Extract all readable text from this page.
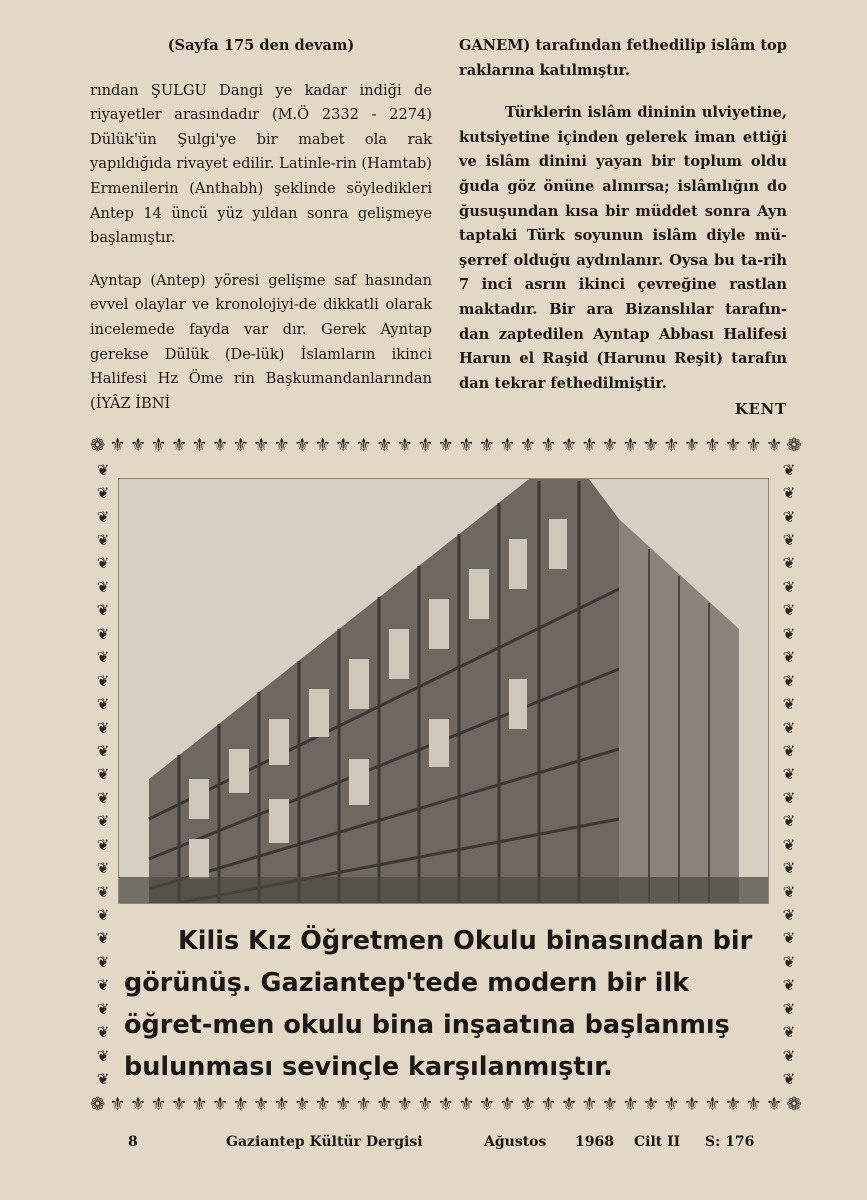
(Sayfa 175 den devam)

rından ŞULGU Dangi ye kadar indiği de riyayetler arasındadır (M.Ö 2332 - 2274) Dülük'ün Şulgi'ye bir mabet ola rak yapıldığıda rivayet edilir. Latinle-rin (Hamtab) Ermenilerin (Anthabh) şeklinde söyledikleri Antep 14 üncü yüz yıldan sonra gelişmeye başlamıştır.

Ayntap (Antep) yöresi gelişme saf hasından evvel olaylar ve kronolojiyi-de dikkatli olarak incelemede fayda var dır. Gerek Ayntap gerekse Dülük (De-lük) İslamların ikinci Halifesi Hz Öme rin Başkumandanlarından (İYÂZ İBNİ

GANEM) tarafından fethedilip islâm top raklarına katılmıştır.

Türklerin islâm dininin ulviyetine, kutsiyetine içinden gelerek iman ettiği ve islâm dinini yayan bir toplum oldu ğuda göz önüne alınırsa; islâmlığın do ğusuşundan kısa bir müddet sonra Ayn taptaki Türk soyunun islâm diyle mü-şerref olduğu aydınlanır. Oysa bu ta-rih 7 inci asrın ikinci çevreğine rastlan maktadır. Bir ara Bizanslılar tarafın-dan zaptedilen Ayntap Abbası Halifesi Harun el Raşid (Harunu Reşit) tarafın dan tekrar fethedilmiştir.

KENT

❁ ⚜ ⚜ ⚜ ⚜ ⚜ ⚜ ⚜ ⚜ ⚜ ⚜ ⚜ ⚜ ⚜ ⚜ ⚜ ⚜ ⚜ ⚜ ⚜ ⚜ ⚜ ⚜ ⚜ ⚜ ⚜ ⚜ ⚜ ⚜ ⚜ ⚜ ⚜ ⚜ ⚜ ❁
❦
❦
❦
❦
❦
❦
❦
❦
❦
❦
❦
❦
❦
❦
❦
❦
❦
❦
❦
❦
❦
❦
❦
❦
❦
❦
❦
❦
❦
❦
❦
❦
❦
❦
❦
❦
❦
❦
❦
❦
❦
❦
❦
❦
❦
❦
❦
❦
❦
❦
❦
❦
❦
❦
Kilis Kız Öğretmen Okulu binasından bir görünüş. Gaziantep'tede modern bir ilk öğret-men okulu bina inşaatına başlanmış bulunması sevinçle karşılanmıştır.
❁ ⚜ ⚜ ⚜ ⚜ ⚜ ⚜ ⚜ ⚜ ⚜ ⚜ ⚜ ⚜ ⚜ ⚜ ⚜ ⚜ ⚜ ⚜ ⚜ ⚜ ⚜ ⚜ ⚜ ⚜ ⚜ ⚜ ⚜ ⚜ ⚜ ⚜ ⚜ ⚜ ⚜ ❁
8	Gaziantep Kültür Dergisi	Ağustos 1968 Cilt II S: 176
